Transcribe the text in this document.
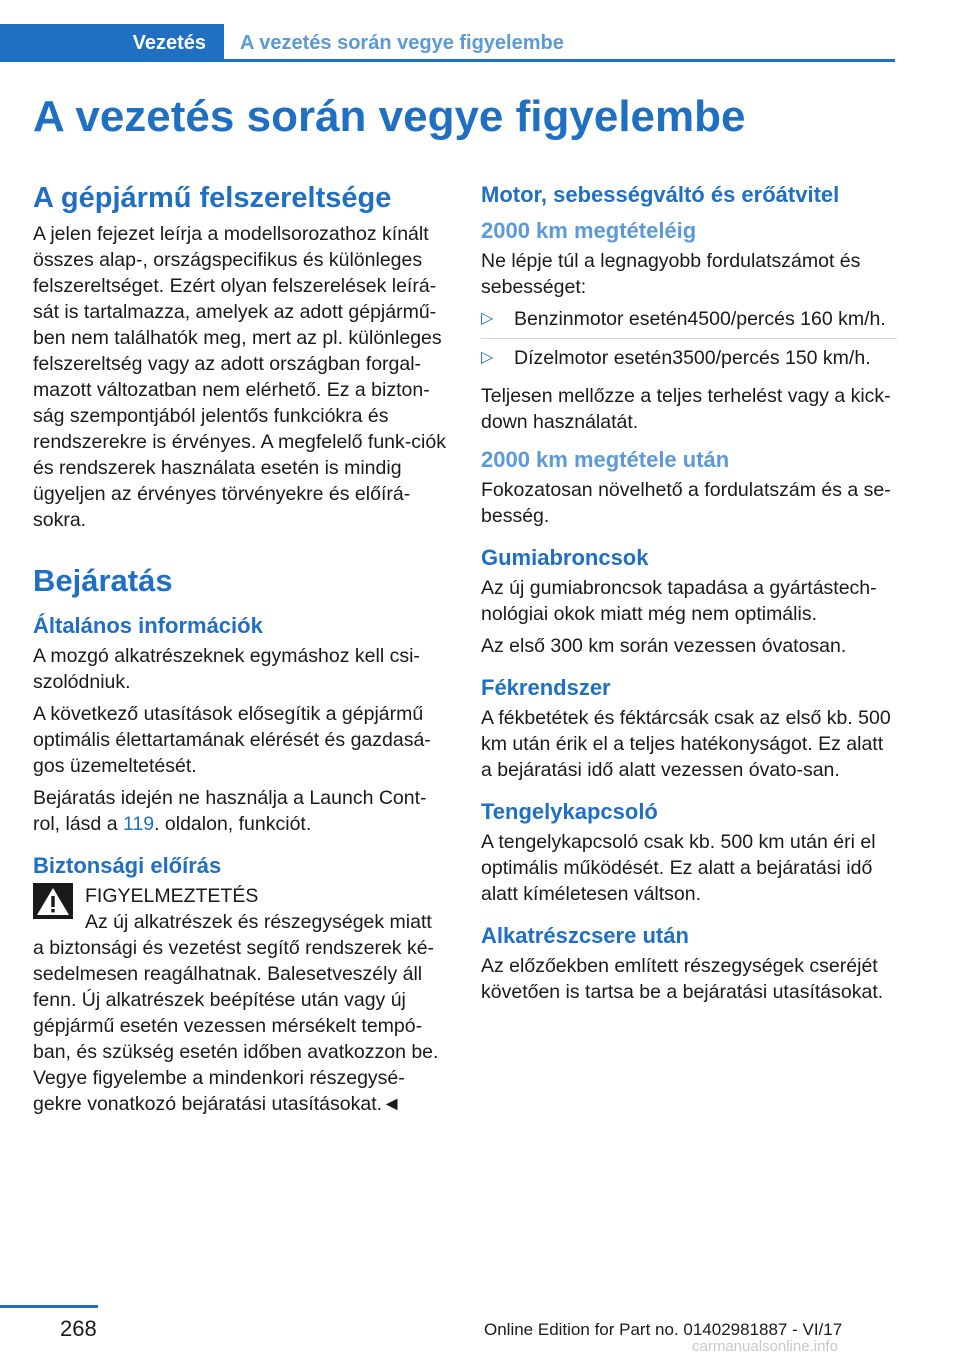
Vezetés	A vezetés során vegye figyelembe
A vezetés során vegye figyelembe
A gépjármű felszereltsége

A jelen fejezet leírja a modellsorozathoz kínált összes alap-, országspecifikus és különleges felszereltséget. Ezért olyan felszerelések leírá-sát is tartalmazza, amelyek az adott gépjármű-ben nem találhatók meg, mert az pl. különleges felszereltség vagy az adott országban forgal-mazott változatban nem elérhető. Ez a bizton-ság szempontjából jelentős funkciókra és rendszerekre is érvényes. A megfelelő funk-ciók és rendszerek használata esetén is mindig ügyeljen az érvényes törvényekre és előírá-sokra.

Bejáratás
Általános információk

A mozgó alkatrészeknek egymáshoz kell csi-szolódniuk.

A következő utasítások elősegítik a gépjármű optimális élettartamának elérését és gazdasá-gos üzemeltetését.

Bejáratás idején ne használja a Launch Cont-rol, lásd a 119. oldalon, funkciót.

Biztonsági előírás
FIGYELMEZTETÉS
Az új alkatrészek és részegységek miatt
a biztonsági és vezetést segítő rendszerek ké-sedelmesen reagálhatnak. Balesetveszély áll fenn. Új alkatrészek beépítése után vagy új gépjármű esetén vezessen mérsékelt tempó-ban, és szükség esetén időben avatkozzon be. Vegye figyelembe a mindenkori részegysé-gekre vonatkozó bejáratási utasításokat.◄
Motor, sebességváltó és erőátvitel
2000 km megtételéig

Ne lépje túl a legnagyobb fordulatszámot és sebességet:

▷ Benzinmotor esetén4500/percés 160 km/h.
▷ Dízelmotor esetén3500/percés 150 km/h.

Teljesen mellőzze a teljes terhelést vagy a kick-down használatát.

2000 km megtétele után

Fokozatosan növelhető a fordulatszám és a se-besség.

Gumiabroncsok

Az új gumiabroncsok tapadása a gyártástech-nológiai okok miatt még nem optimális.

Az első 300 km során vezessen óvatosan.

Fékrendszer

A fékbetétek és féktárcsák csak az első kb. 500 km után érik el a teljes hatékonyságot. Ez alatt a bejáratási idő alatt vezessen óvato-san.

Tengelykapcsoló

A tengelykapcsoló csak kb. 500 km után éri el optimális működését. Ez alatt a bejáratási idő alatt kíméletesen váltson.

Alkatrészcsere után

Az előzőekben említett részegységek cseréjét követően is tartsa be a bejáratási utasításokat.

268	Online Edition for Part no. 01402981887 - VI/17
carmanualsonline.info
